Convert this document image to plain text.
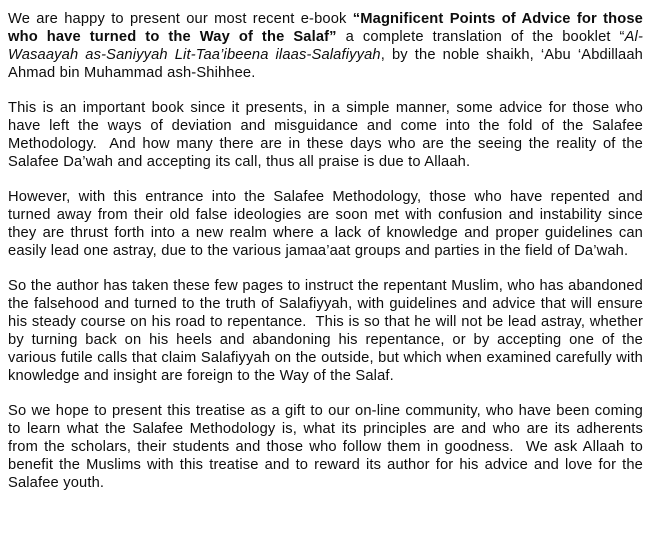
We are happy to present our most recent e-book “Magnificent Points of Advice for those who have turned to the Way of the Salaf” a complete translation of the booklet “Al-Wasaayah as-Saniyyah Lit-Taa’ibeena ilaas-Salafiyyah, by the noble shaikh, ‘Abu ‘Abdillaah Ahmad bin Muhammad ash-Shihhee.

This is an important book since it presents, in a simple manner, some advice for those who have left the ways of deviation and misguidance and come into the fold of the Salafee Methodology.  And how many there are in these days who are the seeing the reality of the Salafee Da’wah and accepting its call, thus all praise is due to Allaah.

However, with this entrance into the Salafee Methodology, those who have repented and turned away from their old false ideologies are soon met with confusion and instability since they are thrust forth into a new realm where a lack of knowledge and proper guidelines can easily lead one astray, due to the various jamaa’aat groups and parties in the field of Da’wah.

So the author has taken these few pages to instruct the repentant Muslim, who has abandoned the falsehood and turned to the truth of Salafiyyah, with guidelines and advice that will ensure his steady course on his road to repentance.  This is so that he will not be lead astray, whether by turning back on his heels and abandoning his repentance, or by accepting one of the various futile calls that claim Salafiyyah on the outside, but which when examined carefully with knowledge and insight are foreign to the Way of the Salaf.

So we hope to present this treatise as a gift to our on-line community, who have been coming to learn what the Salafee Methodology is, what its principles are and who are its adherents from the scholars, their students and those who follow them in goodness.  We ask Allaah to benefit the Muslims with this treatise and to reward its author for his advice and love for the Salafee youth.
